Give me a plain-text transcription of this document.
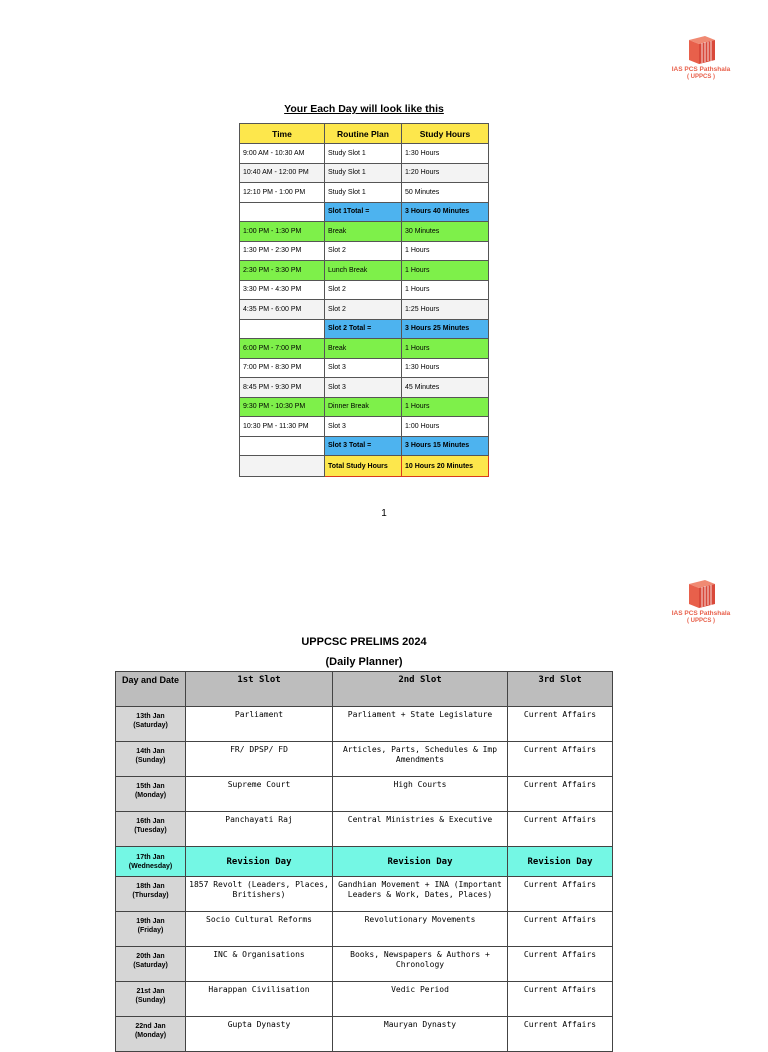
IAS PCS Pathshala
( UPPCS )
Your Each Day will look like this
Time	Routine Plan	Study Hours
9:00 AM - 10:30 AM	Study Slot 1	1:30 Hours
10:40 AM - 12:00 PM	Study Slot 1	1:20 Hours
12:10 PM - 1:00 PM	Study Slot 1	50 Minutes
	Slot 1Total =	3 Hours 40 Minutes
1:00 PM - 1:30 PM	Break	30 Minutes
1:30 PM - 2:30 PM	Slot 2	1 Hours
2:30 PM - 3:30 PM	Lunch Break	1 Hours
3:30 PM - 4:30 PM	Slot 2	1 Hours
4:35 PM - 6:00 PM	Slot 2	1:25 Hours
	Slot 2 Total =	3 Hours 25 Minutes
6:00 PM - 7:00 PM	Break	1 Hours
7:00 PM - 8:30 PM	Slot 3	1:30 Hours
8:45 PM - 9:30 PM	Slot 3	45 Minutes
9:30 PM - 10:30 PM	Dinner Break	1 Hours
10:30 PM - 11:30 PM	Slot 3	1:00 Hours
	Slot 3 Total =	3 Hours 15 Minutes
	Total Study Hours	10 Hours 20 Minutes
1
IAS PCS Pathshala
( UPPCS )
UPPCSC PRELIMS 2024
(Daily Planner)
Day and Date	1st Slot	2nd Slot	3rd Slot

13th Jan
(Saturday)	Parliament	Parliament + State Legislature	Current Affairs

14th Jan
(Sunday)	FR/ DPSP/ FD	Articles, Parts, Schedules & Imp Amendments	Current Affairs

15th Jan
(Monday)	Supreme Court	High Courts	Current Affairs

16th Jan
(Tuesday)	Panchayati Raj	Central Ministries & Executive	Current Affairs

17th Jan
(Wednesday)	Revision Day	Revision Day	Revision Day

18th Jan
(Thursday)	1857 Revolt (Leaders, Places, Britishers)	Gandhian Movement + INA (Important Leaders & Work, Dates, Places)	Current Affairs

19th Jan
(Friday)	Socio Cultural Reforms	Revolutionary Movements	Current Affairs

20th Jan
(Saturday)	INC & Organisations	Books, Newspapers & Authors + Chronology	Current Affairs

21st Jan
(Sunday)	Harappan Civilisation	Vedic Period	Current Affairs

22nd Jan
(Monday)	Gupta Dynasty	Mauryan Dynasty	Current Affairs
